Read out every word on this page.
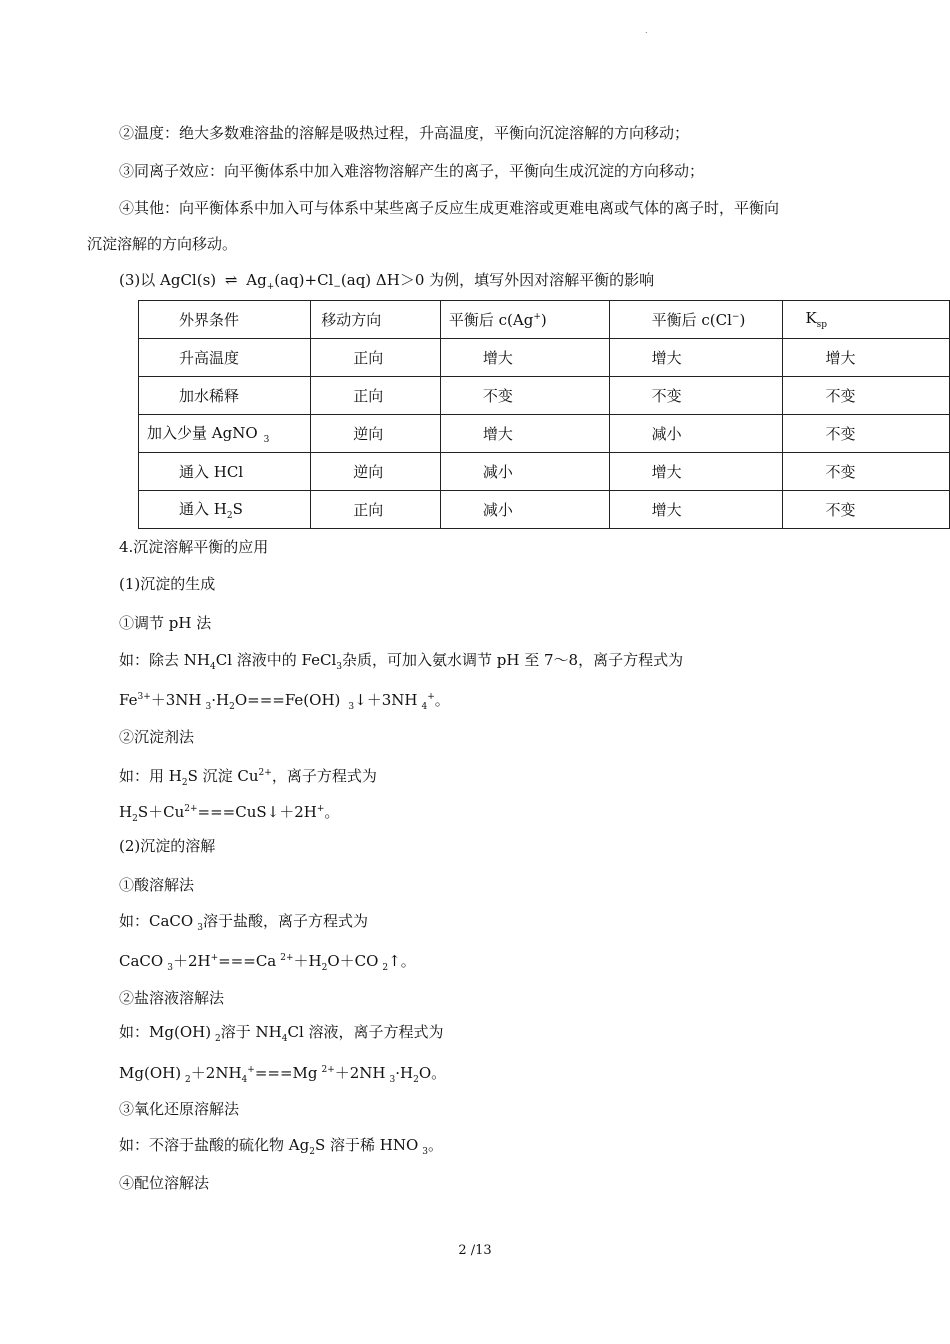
.
②温度：绝大多数难溶盐的溶解是吸热过程，升高温度，平衡向沉淀溶解的方向移动；
③同离子效应：向平衡体系中加入难溶物溶解产生的离子，平衡向生成沉淀的方向移动；
④其他：向平衡体系中加入可与体系中某些离子反应生成更难溶或更难电离或气体的离子时，平衡向
沉淀溶解的方向移动。
(3)以 AgCl(s) ⇌ $Ag_+(aq)+Cl_-(aq)$ ΔH＞0 为例，填写外因对溶解平衡的影响
外界条件	移动方向	平衡后 c(Ag+)	平衡后 c(Cl−)	$K_{sp}$
升高温度	正向	增大	增大	增大
加水稀释	正向	不变	不变	不变
加入少量 AgNO $_3$	逆向	增大	减小	不变
通入 HCl	逆向	减小	增大	不变
通入 $H_2S$	正向	减小	增大	不变
4.沉淀溶解平衡的应用
(1)沉淀的生成
①调节 pH 法
如：除去 $NH_4Cl$ 溶液中的 FeCl$_3$杂质，可加入氨水调节 pH 至 7～8，离子方程式为
$Fe^{3+}+3NH$ $_3\cdot H_2O===Fe(OH)$ $_3$↓＋3NH $_4$+。
②沉淀剂法
如：用 $H_2S$ 沉淀 $Cu^{2+}$，离子方程式为
$H_2S+Cu^{2+}===CuS↓+2H^+$。
(2)沉淀的溶解
①酸溶解法
如：CaCO $_3$溶于盐酸，离子方程式为
CaCO $_3$＋2H+===Ca $^{2+}+H_2O+CO$ $_2$↑。
②盐溶液溶解法
如：Mg(OH) $_2$溶于 $NH_4Cl$ 溶液，离子方程式为
Mg(OH) $_2+2NH_4^+===Mg$ $^{2+}$＋2NH $_3\cdot H_2O$。
③氧化还原溶解法
如：不溶于盐酸的硫化物 $Ag_2S$ 溶于稀 HNO $_3$。
④配位溶解法
2 /13
